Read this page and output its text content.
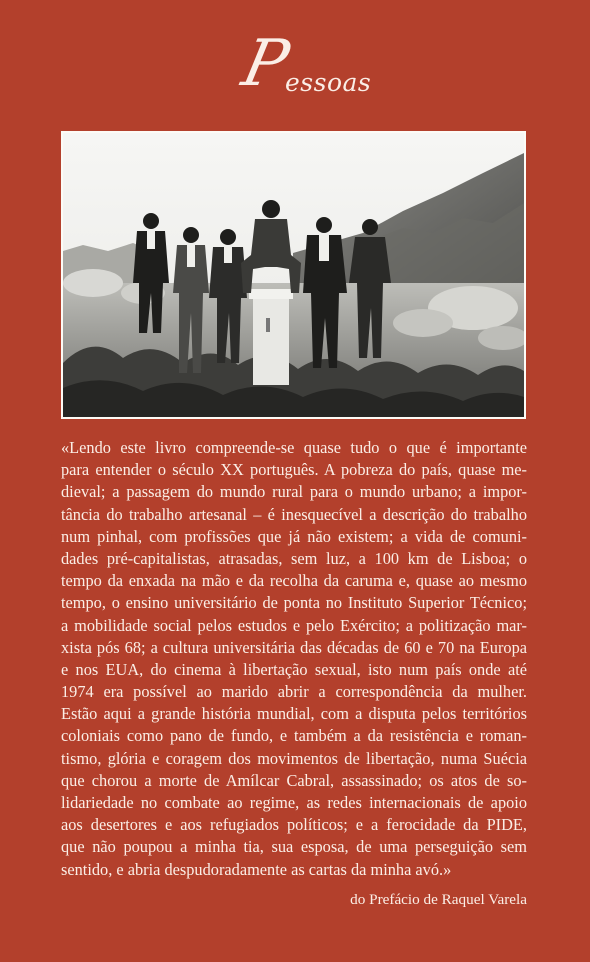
P
essoas
«Lendo este livro compreende-se quase tudo o que é importante
para entender o século XX português. A pobreza do país, quase me-
dieval; a passagem do mundo rural para o mundo urbano; a impor-
tância do trabalho artesanal – é inesquecível a descrição do trabalho
num pinhal, com profissões que já não existem; a vida de comuni-
dades pré-capitalistas, atrasadas, sem luz, a 100 km de Lisboa; o
tempo da enxada na mão e da recolha da caruma e, quase ao mesmo
tempo, o ensino universitário de ponta no Instituto Superior Técnico;
a mobilidade social pelos estudos e pelo Exército; a politização mar-
xista pós 68; a cultura universitária das décadas de 60 e 70 na Europa
e nos EUA, do cinema à libertação sexual, isto num país onde até
1974 era possível ao marido abrir a correspondência da mulher.
Estão aqui a grande história mundial, com a disputa pelos territórios
coloniais como pano de fundo, e também a da resistência e roman-
tismo, glória e coragem dos movimentos de libertação, numa Suécia
que chorou a morte de Amílcar Cabral, assassinado; os atos de so-
lidariedade no combate ao regime, as redes internacionais de apoio
aos desertores e aos refugiados políticos; e a ferocidade da PIDE,
que não poupou a minha tia, sua esposa, de uma perseguição sem
sentido, e abria despudoradamente as cartas da minha avó.»
do Prefácio de Raquel Varela
